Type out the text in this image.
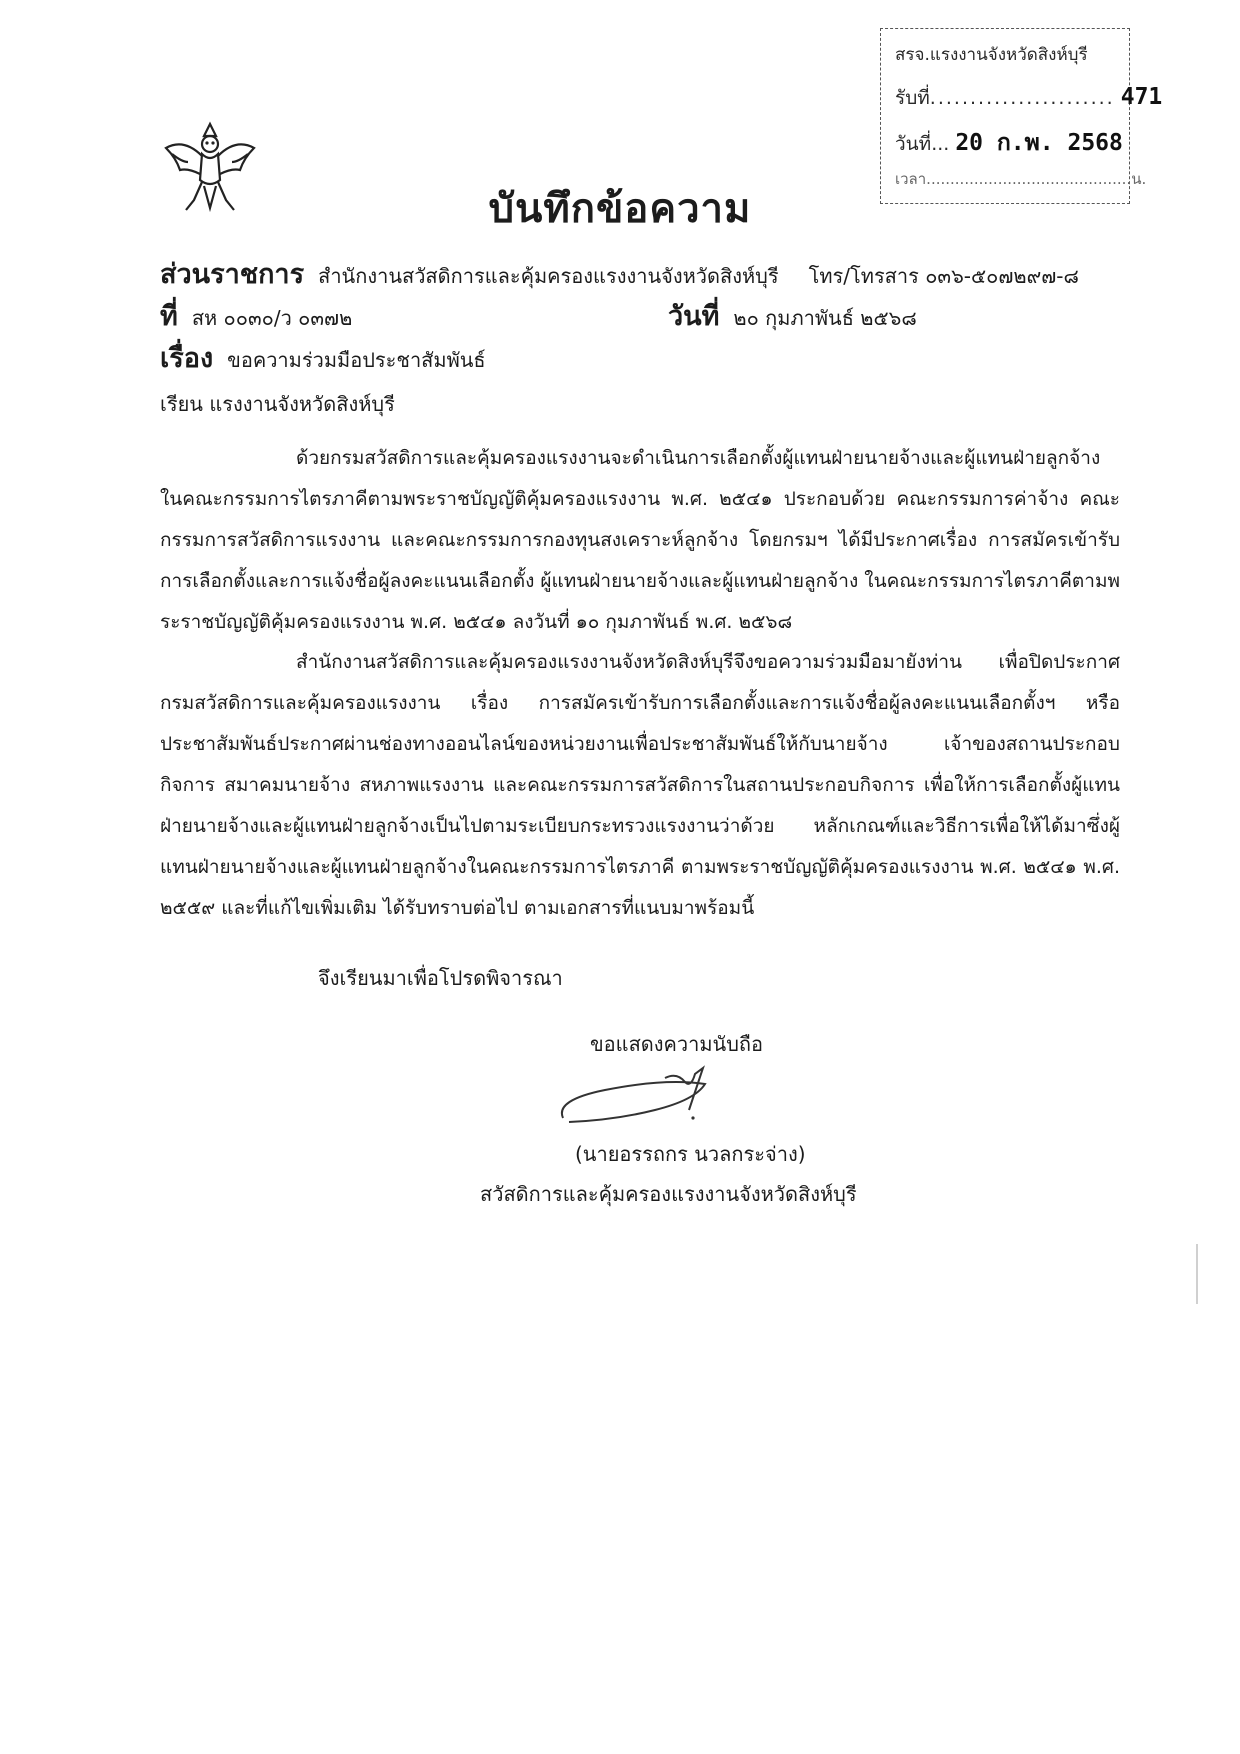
สรจ.แรงงานจังหวัดสิงห์บุรี
รับที่....................... 471
วันที่... 20 ก.พ. 2568
เวลา...........................................น.
บันทึกข้อความ
ส่วนราชการ สำนักงานสวัสดิการและคุ้มครองแรงงานจังหวัดสิงห์บุรี โทร/โทรสาร ๐๓๖-๕๐๗๒๙๗-๘
ที่ สห ๐๐๓๐/ว ๐๓๗๒	วันที่ ๒๐ กุมภาพันธ์ ๒๕๖๘
เรื่อง ขอความร่วมมือประชาสัมพันธ์
เรียน แรงงานจังหวัดสิงห์บุรี
ด้วยกรมสวัสดิการและคุ้มครองแรงงานจะดำเนินการเลือกตั้งผู้แทนฝ่ายนายจ้างและผู้แทนฝ่ายลูกจ้าง ในคณะกรรมการไตรภาคีตามพระราชบัญญัติคุ้มครองแรงงาน พ.ศ. ๒๕๔๑ ประกอบด้วย คณะกรรมการค่าจ้าง คณะกรรมการสวัสดิการแรงงาน และคณะกรรมการกองทุนสงเคราะห์ลูกจ้าง โดยกรมฯ ได้มีประกาศเรื่อง การสมัครเข้ารับการเลือกตั้งและการแจ้งชื่อผู้ลงคะแนนเลือกตั้ง ผู้แทนฝ่ายนายจ้างและผู้แทนฝ่ายลูกจ้าง ในคณะกรรมการไตรภาคีตามพระราชบัญญัติคุ้มครองแรงงาน พ.ศ. ๒๕๔๑ ลงวันที่ ๑๐ กุมภาพันธ์ พ.ศ. ๒๕๖๘
สำนักงานสวัสดิการและคุ้มครองแรงงานจังหวัดสิงห์บุรีจึงขอความร่วมมือมายังท่าน เพื่อปิดประกาศกรมสวัสดิการและคุ้มครองแรงงาน เรื่อง การสมัครเข้ารับการเลือกตั้งและการแจ้งชื่อผู้ลงคะแนนเลือกตั้งฯ หรือประชาสัมพันธ์ประกาศผ่านช่องทางออนไลน์ของหน่วยงานเพื่อประชาสัมพันธ์ให้กับนายจ้าง เจ้าของสถานประกอบกิจการ สมาคมนายจ้าง สหภาพแรงงาน และคณะกรรมการสวัสดิการในสถานประกอบกิจการ เพื่อให้การเลือกตั้งผู้แทนฝ่ายนายจ้างและผู้แทนฝ่ายลูกจ้างเป็นไปตามระเบียบกระทรวงแรงงานว่าด้วย หลักเกณฑ์และวิธีการเพื่อให้ได้มาซึ่งผู้แทนฝ่ายนายจ้างและผู้แทนฝ่ายลูกจ้างในคณะกรรมการไตรภาคี ตามพระราชบัญญัติคุ้มครองแรงงาน พ.ศ. ๒๕๔๑ พ.ศ. ๒๕๕๙ และที่แก้ไขเพิ่มเติม ได้รับทราบต่อไป ตามเอกสารที่แนบมาพร้อมนี้
จึงเรียนมาเพื่อโปรดพิจารณา
ขอแสดงความนับถือ
(นายอรรถกร นวลกระจ่าง)
สวัสดิการและคุ้มครองแรงงานจังหวัดสิงห์บุรี
